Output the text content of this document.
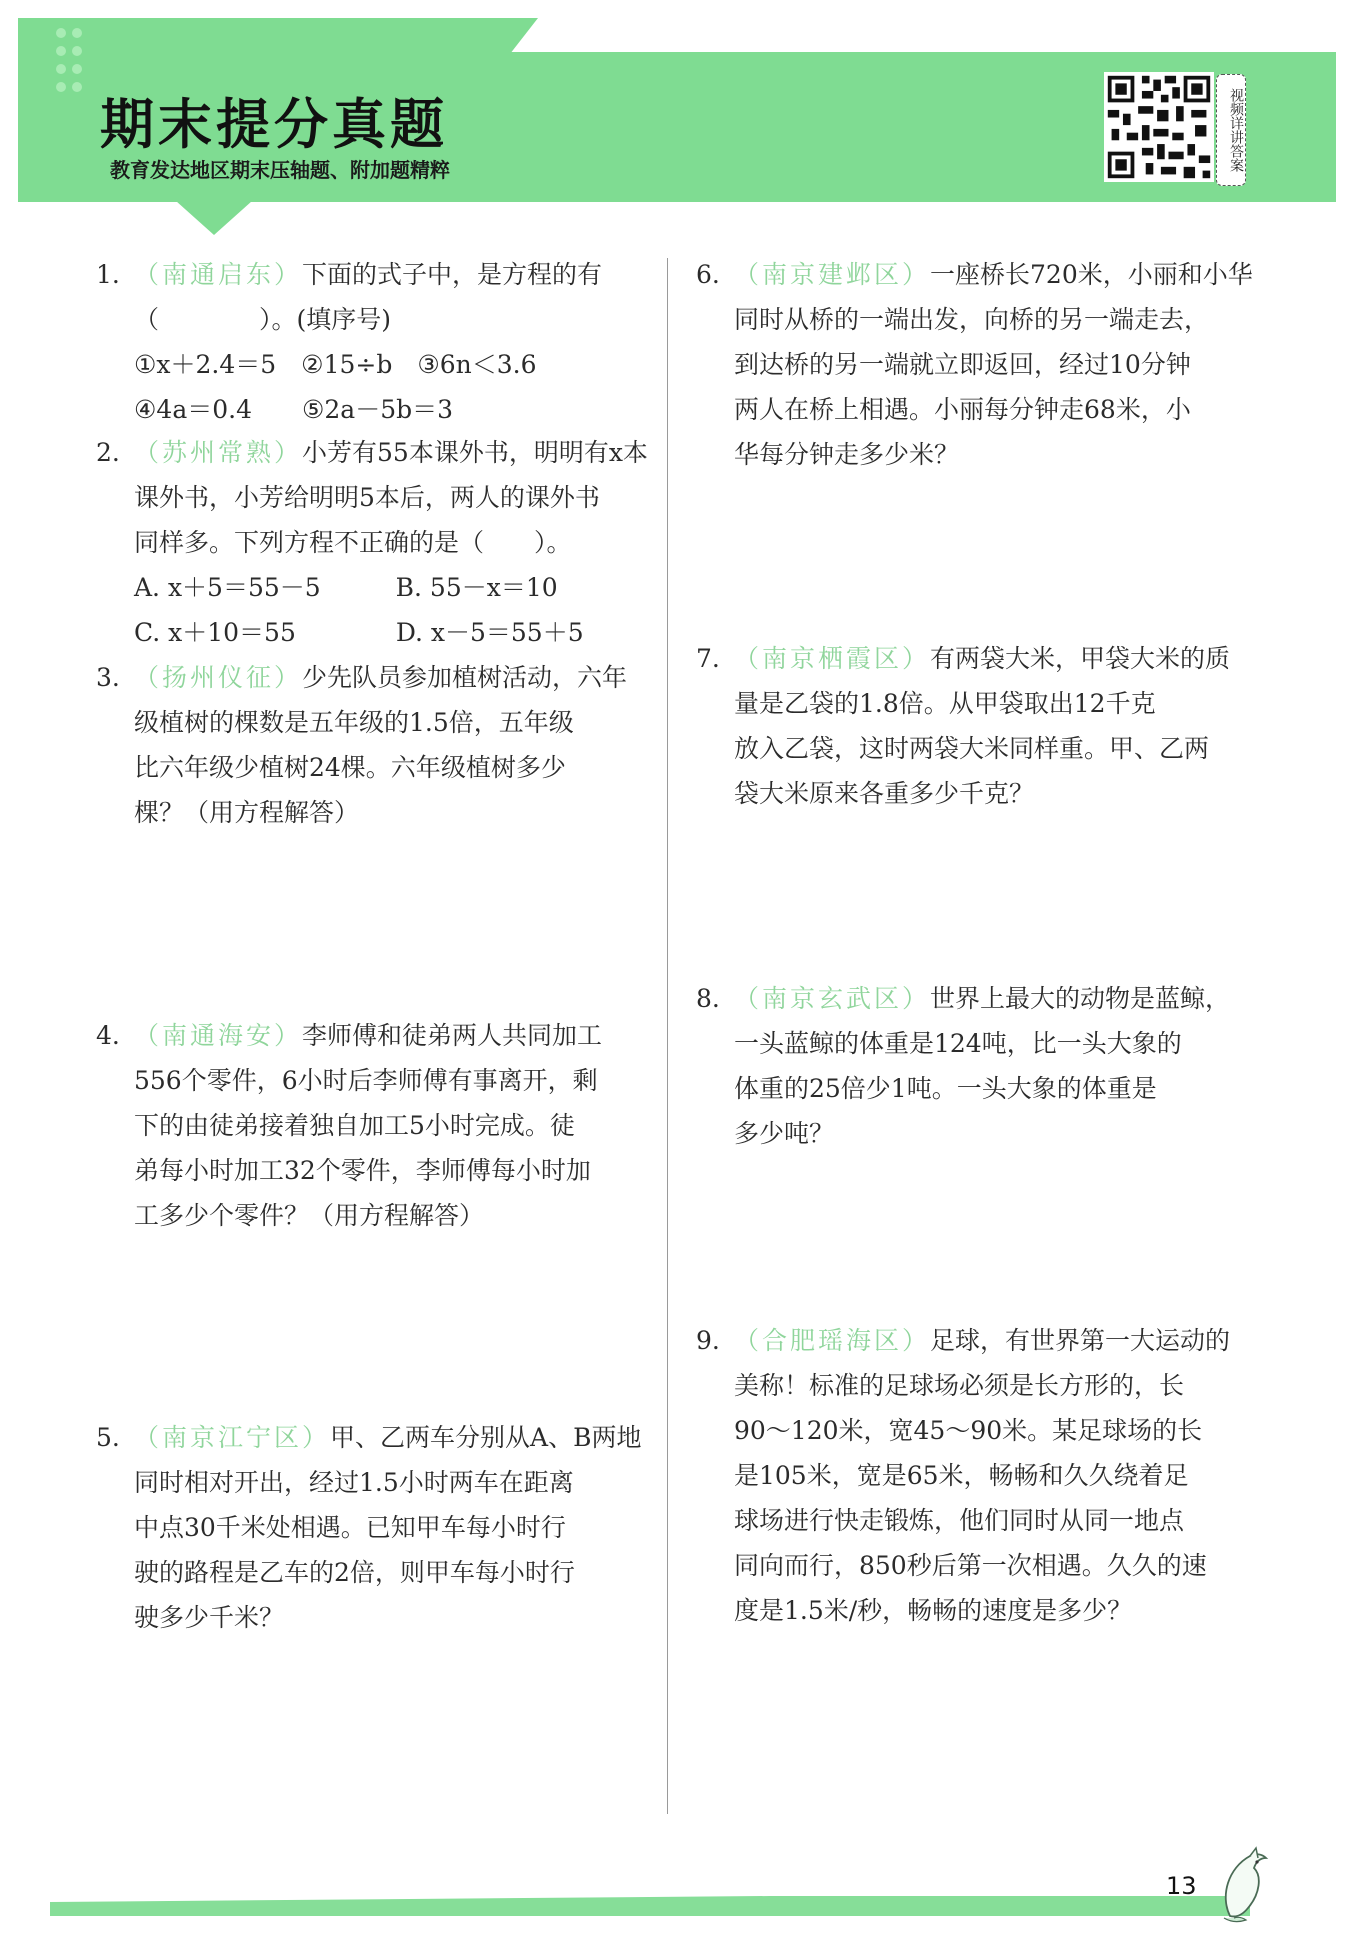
期末提分真题
教育发达地区期末压轴题、附加题精粹	视频详讲答案
1. （南通启东）下面的式子中，是方程的有

（　　　　）。(填序号)

①x＋2.4＝5　②15÷b　③6n＜3.6

④4a＝0.4　　⑤2a－5b＝3

2. （苏州常熟）小芳有55本课外书，明明有x本

课外书，小芳给明明5本后，两人的课外书

同样多。下列方程不正确的是（　　）。

A. x＋5＝55－5　　　B. 55－x＝10

C. x＋10＝55　　　　D. x－5＝55＋5

3. （扬州仪征）少先队员参加植树活动，六年

级植树的棵数是五年级的1.5倍，五年级

比六年级少植树24棵。六年级植树多少

棵？（用方程解答）

4. （南通海安）李师傅和徒弟两人共同加工

556个零件，6小时后李师傅有事离开，剩

下的由徒弟接着独自加工5小时完成。徒

弟每小时加工32个零件，李师傅每小时加

工多少个零件？（用方程解答）

5. （南京江宁区）甲、乙两车分别从A、B两地

同时相对开出，经过1.5小时两车在距离

中点30千米处相遇。已知甲车每小时行

驶的路程是乙车的2倍，则甲车每小时行

驶多少千米？

6. （南京建邺区）一座桥长720米，小丽和小华

同时从桥的一端出发，向桥的另一端走去，

到达桥的另一端就立即返回，经过10分钟

两人在桥上相遇。小丽每分钟走68米，小

华每分钟走多少米？

7. （南京栖霞区）有两袋大米，甲袋大米的质

量是乙袋的1.8倍。从甲袋取出12千克

放入乙袋，这时两袋大米同样重。甲、乙两

袋大米原来各重多少千克？

8. （南京玄武区）世界上最大的动物是蓝鲸，

一头蓝鲸的体重是124吨，比一头大象的

体重的25倍少1吨。一头大象的体重是

多少吨？

9. （合肥瑶海区）足球，有世界第一大运动的

美称！标准的足球场必须是长方形的，长

90～120米，宽45～90米。某足球场的长

是105米，宽是65米，畅畅和久久绕着足

球场进行快走锻炼，他们同时从同一地点

同向而行，850秒后第一次相遇。久久的速

度是1.5米/秒，畅畅的速度是多少？

13
